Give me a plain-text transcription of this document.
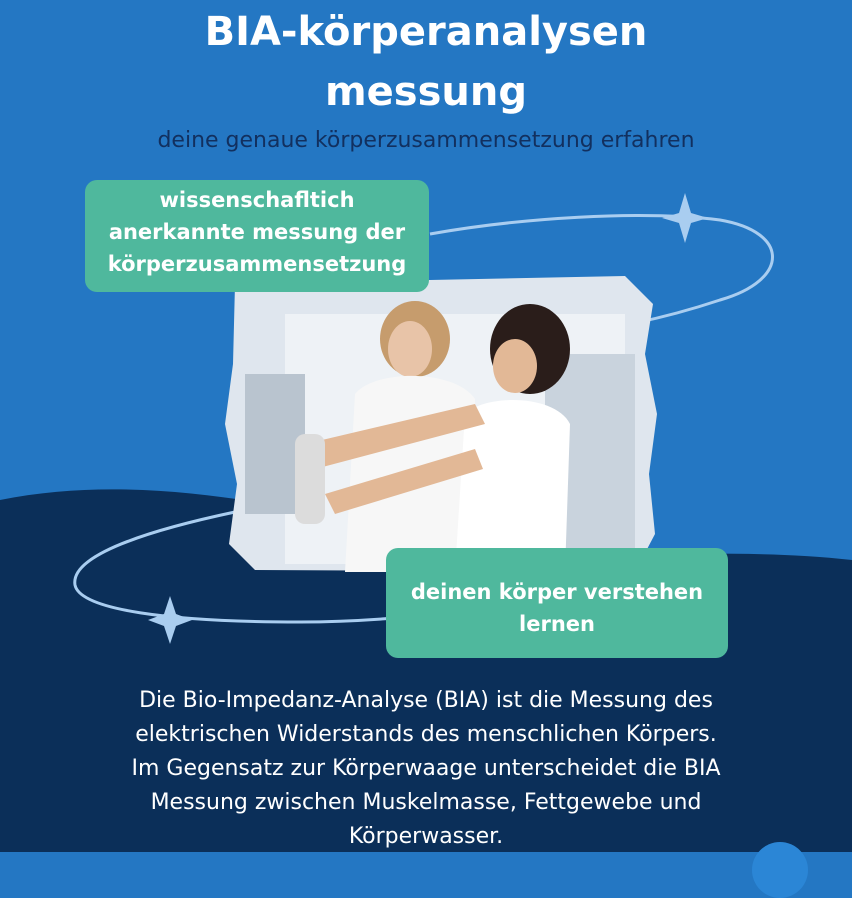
BIA-körperanalysen
messung
deine genaue körperzusammensetzung erfahren
wissenschafltich
anerkannte messung der
körperzusammensetzung
deinen körper verstehen
lernen
Die Bio-Impedanz-Analyse (BIA) ist die Messung des
elektrischen Widerstands des menschlichen Körpers.
Im Gegensatz zur Körperwaage unterscheidet die BIA
Messung zwischen Muskelmasse, Fettgewebe und
Körperwasser.
